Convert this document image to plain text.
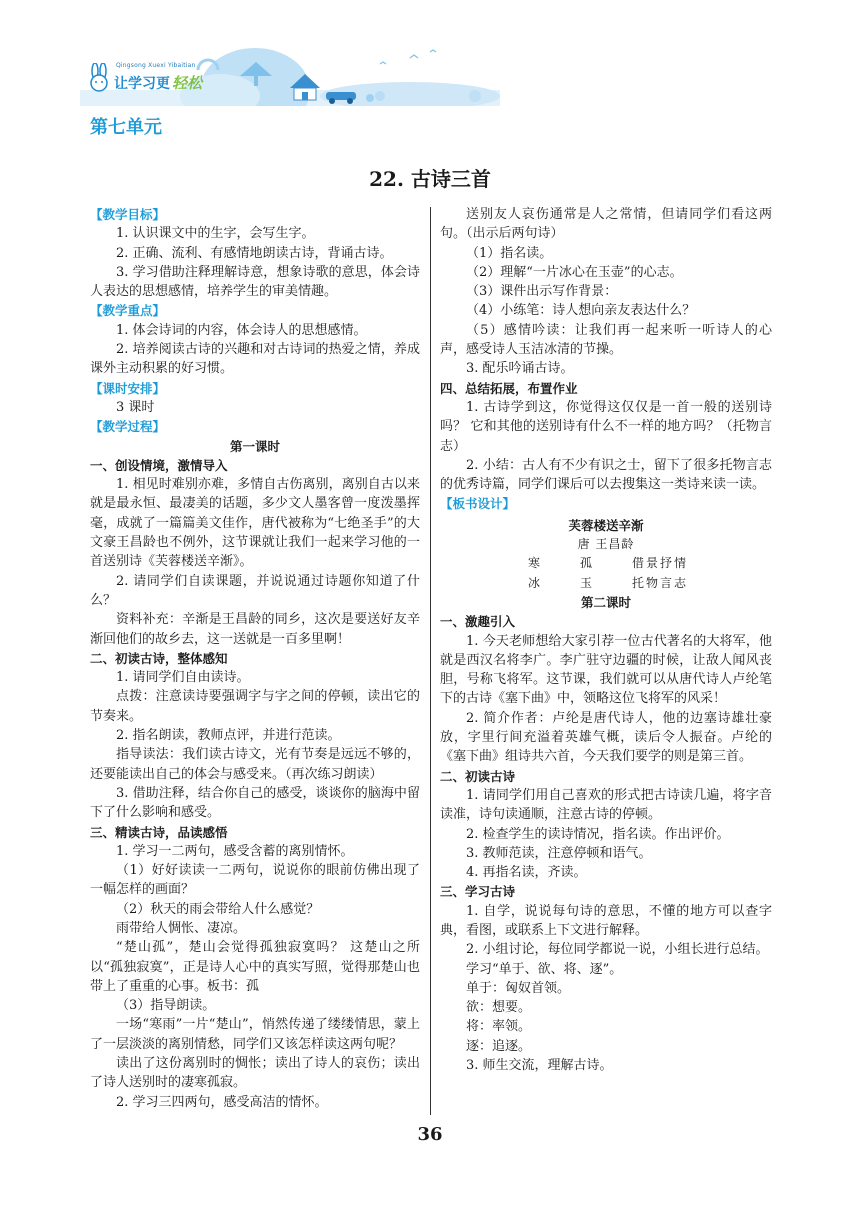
Qingsong Xuexi Yibaitian
让学习更 轻松
第七单元
22. 古诗三首

【教学目标】

1. 认识课文中的生字，会写生字。

2. 正确、流利、有感情地朗读古诗，背诵古诗。

3. 学习借助注释理解诗意，想象诗歌的意思，体会诗人表达的思想感情，培养学生的审美情趣。

【教学重点】

1. 体会诗词的内容，体会诗人的思想感情。

2. 培养阅读古诗的兴趣和对古诗词的热爱之情，养成课外主动积累的好习惯。

【课时安排】

3 课时

【教学过程】

第一课时

一、创设情境，激情导入

1. 相见时难别亦难，多情自古伤离别，离别自古以来就是最永恒、最凄美的话题，多少文人墨客曾一度泼墨挥毫，成就了一篇篇美文佳作，唐代被称为“七绝圣手”的大文豪王昌龄也不例外，这节课就让我们一起来学习他的一首送别诗《芙蓉楼送辛渐》。

2. 请同学们自读课题，并说说通过诗题你知道了什么？

资料补充：辛渐是王昌龄的同乡，这次是要送好友辛渐回他们的故乡去，这一送就是一百多里啊！

二、初读古诗，整体感知

1. 请同学们自由读诗。

点拨：注意读诗要强调字与字之间的停顿，读出它的节奏来。

2. 指名朗读，教师点评，并进行范读。

指导读法：我们读古诗文，光有节奏是远远不够的，还要能读出自己的体会与感受来。（再次练习朗读）

3. 借助注释，结合你自己的感受，谈谈你的脑海中留下了什么影响和感受。

三、精读古诗，品读感悟

1. 学习一二两句，感受含蓄的离别情怀。

（1）好好读读一二两句，说说你的眼前仿佛出现了一幅怎样的画面？

（2）秋天的雨会带给人什么感觉？

雨带给人惆怅、凄凉。

“楚山孤”，楚山会觉得孤独寂寞吗？ 这楚山之所以“孤独寂寞”，正是诗人心中的真实写照，觉得那楚山也带上了重重的心事。板书：孤

（3）指导朗读。

一场“寒雨”一片“楚山”，悄然传递了缕缕情思，蒙上了一层淡淡的离别情愁，同学们又该怎样读这两句呢？

读出了这份离别时的惆怅；读出了诗人的哀伤；读出了诗人送别时的凄寒孤寂。

2. 学习三四两句，感受高洁的情怀。

送别友人哀伤通常是人之常情，但请同学们看这两句。（出示后两句诗）

（1）指名读。

（2）理解“一片冰心在玉壶”的心志。

（3）课件出示写作背景：

（4）小练笔：诗人想向亲友表达什么？

（5）感情吟读：让我们再一起来听一听诗人的心声，感受诗人玉洁冰清的节操。

3. 配乐吟诵古诗。

四、总结拓展，布置作业

1. 古诗学到这，你觉得这仅仅是一首一般的送别诗吗？ 它和其他的送别诗有什么不一样的地方吗？（托物言志）

2. 小结：古人有不少有识之士，留下了很多托物言志的优秀诗篇，同学们课后可以去搜集这一类诗来读一读。

【板书设计】

芙蓉楼送辛渐

唐 王昌龄

寒	孤	借景抒情
冰	玉	托物言志

第二课时

一、激趣引入

1. 今天老师想给大家引荐一位古代著名的大将军，他就是西汉名将李广。李广驻守边疆的时候，让敌人闻风丧胆，号称飞将军。这节课，我们就可以从唐代诗人卢纶笔下的古诗《塞下曲》中，领略这位飞将军的风采！

2. 简介作者：卢纶是唐代诗人，他的边塞诗雄壮豪放，字里行间充溢着英雄气概，读后令人振奋。卢纶的《塞下曲》组诗共六首，今天我们要学的则是第三首。

二、初读古诗

1. 请同学们用自己喜欢的形式把古诗读几遍，将字音读准，诗句读通顺，注意古诗的停顿。

2. 检查学生的读诗情况，指名读。作出评价。

3. 教师范读，注意停顿和语气。

4. 再指名读，齐读。

三、学习古诗

1. 自学，说说每句诗的意思，不懂的地方可以查字典，看图，或联系上下文进行解释。

2. 小组讨论，每位同学都说一说，小组长进行总结。

学习“单于、欲、将、逐”。

单于：匈奴首领。

欲：想要。

将：率领。

逐：追逐。

3. 师生交流，理解古诗。

36
